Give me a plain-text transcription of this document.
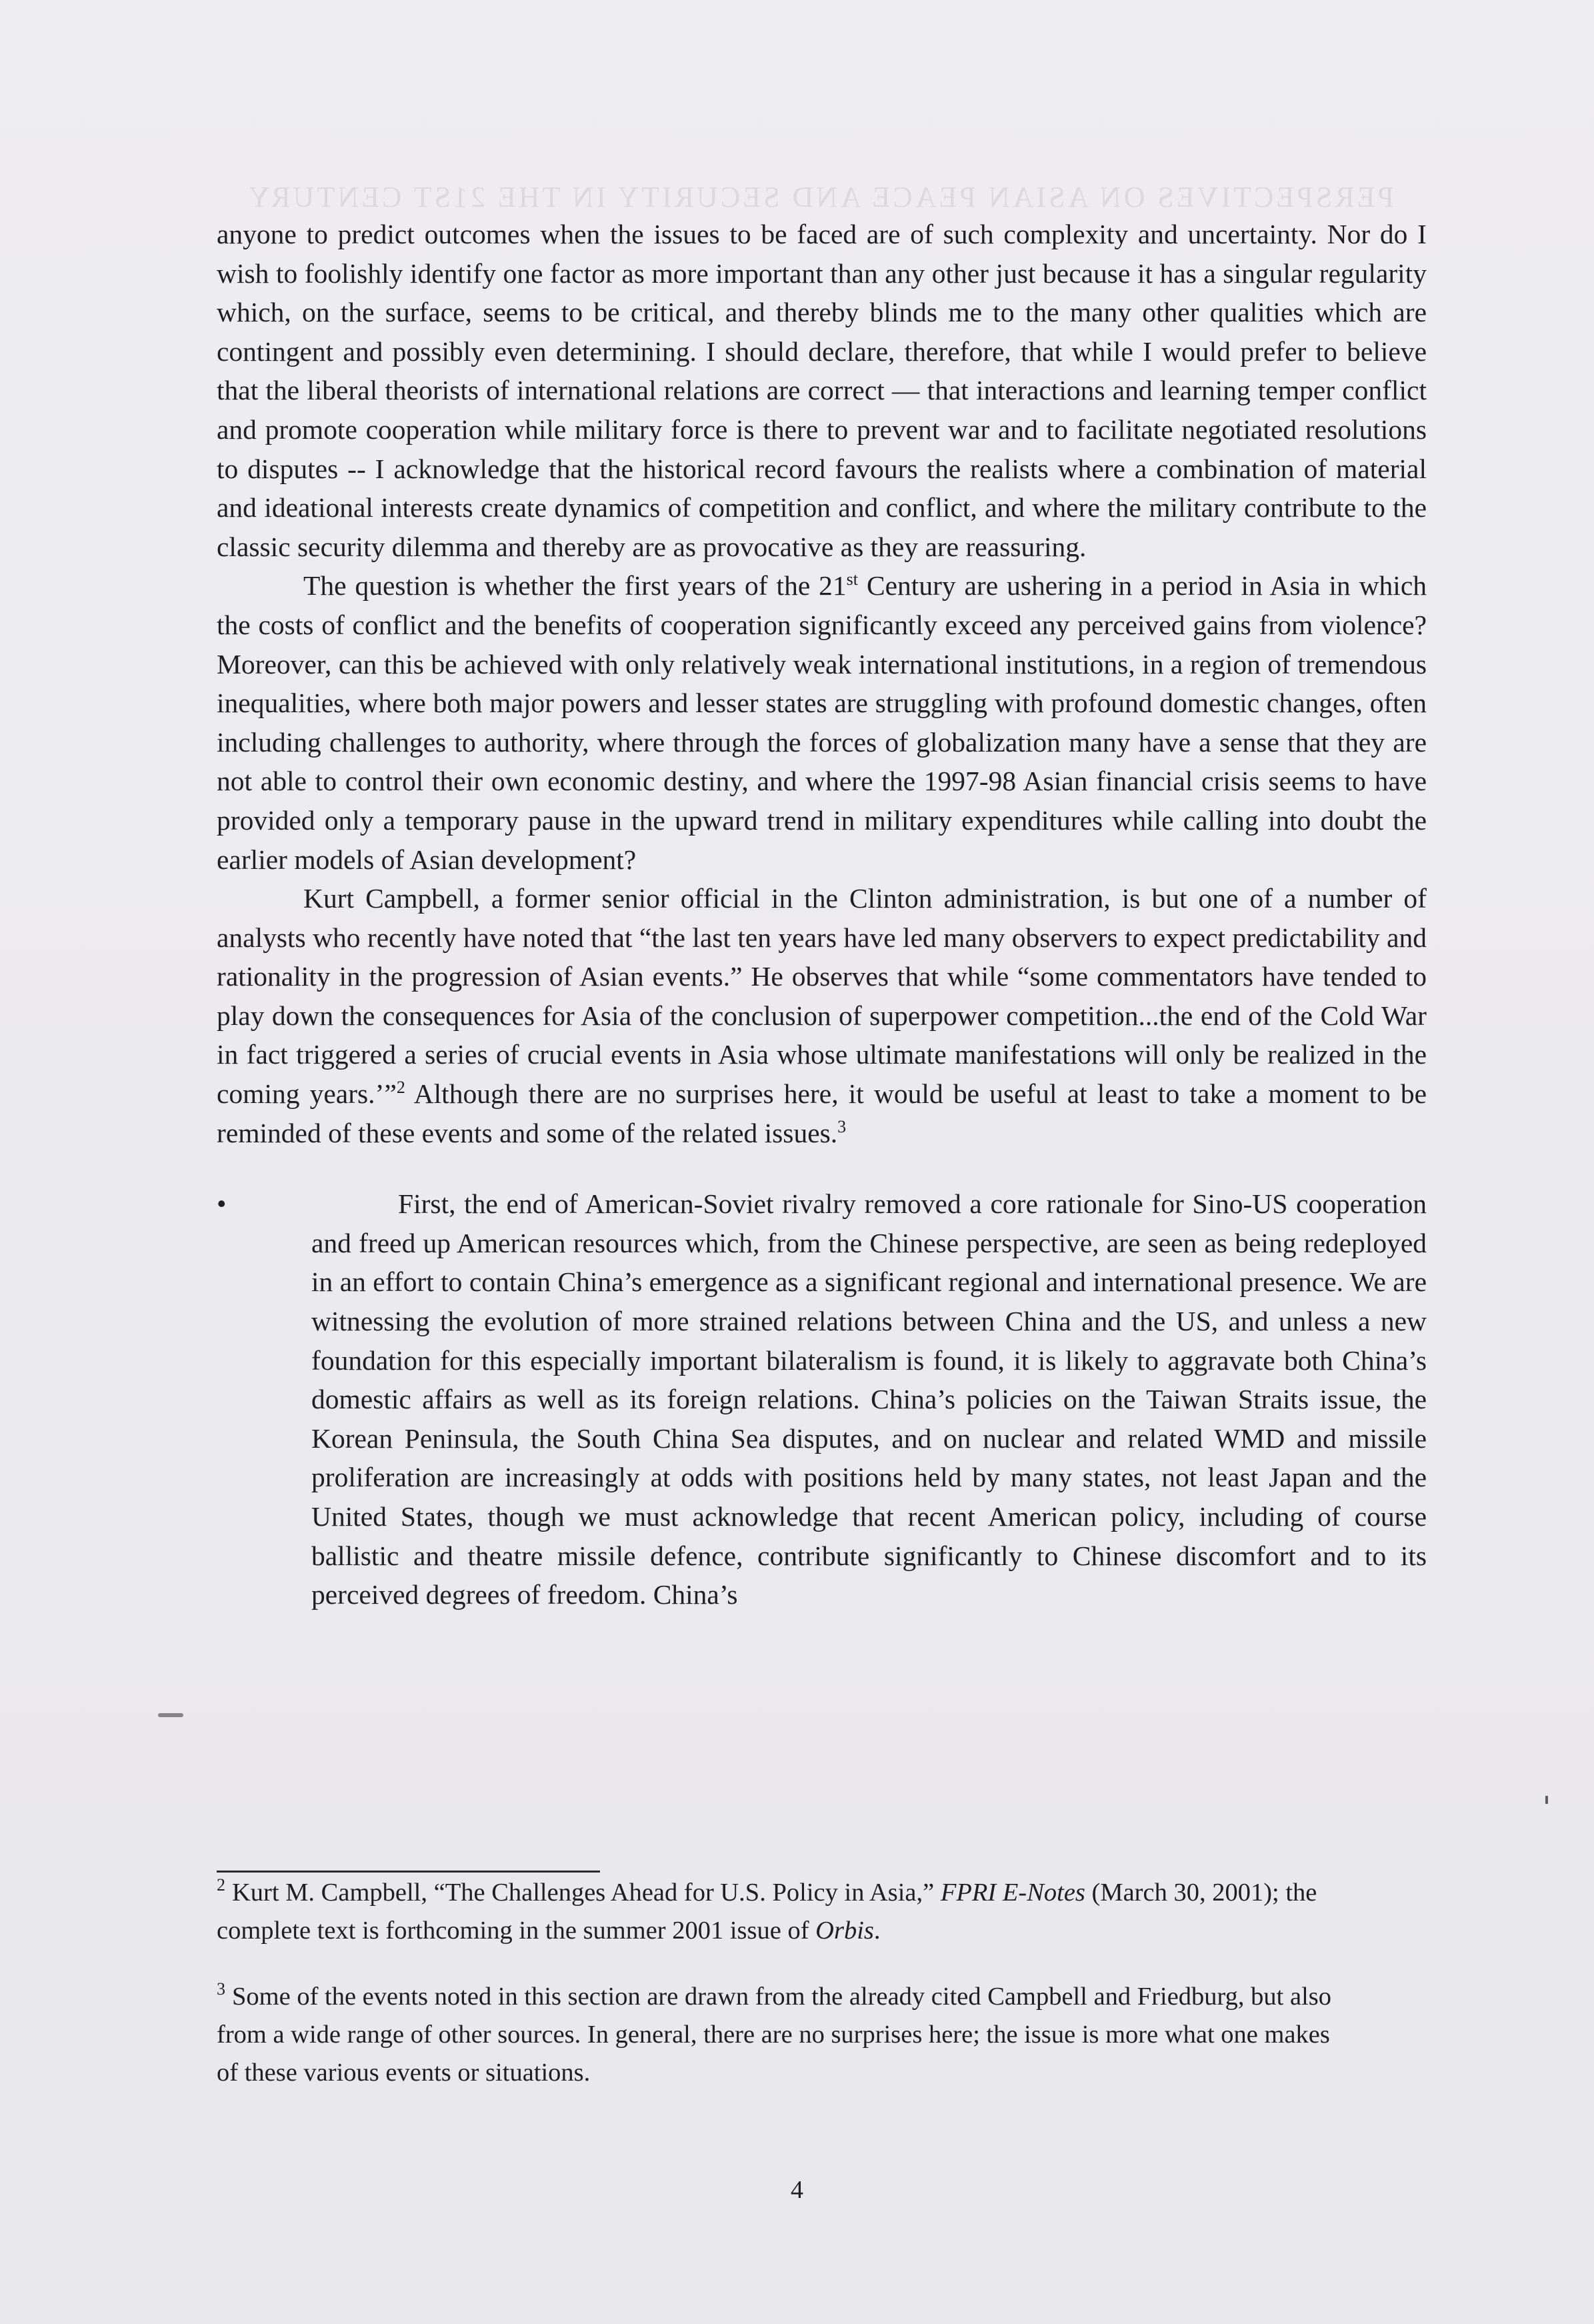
PERSPECTIVES ON ASIAN PEACE AND SECURITY IN THE 21ST CENTURY

anyone to predict outcomes when the issues to be faced are of such complexity and uncertainty. Nor do I wish to foolishly identify one factor as more important than any other just because it has a singular regularity which, on the surface, seems to be critical, and thereby blinds me to the many other qualities which are contingent and possibly even determining. I should declare, therefore, that while I would prefer to believe that the liberal theorists of international relations are correct — that interactions and learning temper conflict and promote cooperation while military force is there to prevent war and to facilitate negotiated resolutions to disputes -- I acknowledge that the historical record favours the realists where a combination of material and ideational interests create dynamics of competition and conflict, and where the military contribute to the classic security dilemma and thereby are as provocative as they are reassuring.

The question is whether the first years of the 21st Century are ushering in a period in Asia in which the costs of conflict and the benefits of cooperation significantly exceed any perceived gains from violence? Moreover, can this be achieved with only relatively weak international institutions, in a region of tremendous inequalities, where both major powers and lesser states are struggling with profound domestic changes, often including challenges to authority, where through the forces of globalization many have a sense that they are not able to control their own economic destiny, and where the 1997-98 Asian financial crisis seems to have provided only a temporary pause in the upward trend in military expenditures while calling into doubt the earlier models of Asian development?

Kurt Campbell, a former senior official in the Clinton administration, is but one of a number of analysts who recently have noted that “the last ten years have led many observers to expect predictability and rationality in the progression of Asian events.” He observes that while “some commentators have tended to play down the consequences for Asia of the conclusion of superpower competition...the end of the Cold War in fact triggered a series of crucial events in Asia whose ultimate manifestations will only be realized in the coming years.’”$^2$ Although there are no surprises here, it would be useful at least to take a moment to be reminded of these events and some of the related issues.$^3$

•	First, the end of American-Soviet rivalry removed a core rationale for Sino-US cooperation and freed up American resources which, from the Chinese perspective, are seen as being redeployed in an effort to contain China’s emergence as a significant regional and international presence. We are witnessing the evolution of more strained relations between China and the US, and unless a new foundation for this especially important bilateralism is found, it is likely to aggravate both China’s domestic affairs as well as its foreign relations. China’s policies on the Taiwan Straits issue, the Korean Peninsula, the South China Sea disputes, and on nuclear and related WMD and missile proliferation are increasingly at odds with positions held by many states, not least Japan and the United States, though we must acknowledge that recent American policy, including of course ballistic and theatre missile defence, contribute significantly to Chinese discomfort and to its perceived degrees of freedom. China’s

$^2$ Kurt M. Campbell, “The Challenges Ahead for U.S. Policy in Asia,” FPRI E-Notes (March 30, 2001); the complete text is forthcoming in the summer 2001 issue of Orbis.

$^3$ Some of the events noted in this section are drawn from the already cited Campbell and Friedburg, but also from a wide range of other sources. In general, there are no surprises here; the issue is more what one makes of these various events or situations.

4
